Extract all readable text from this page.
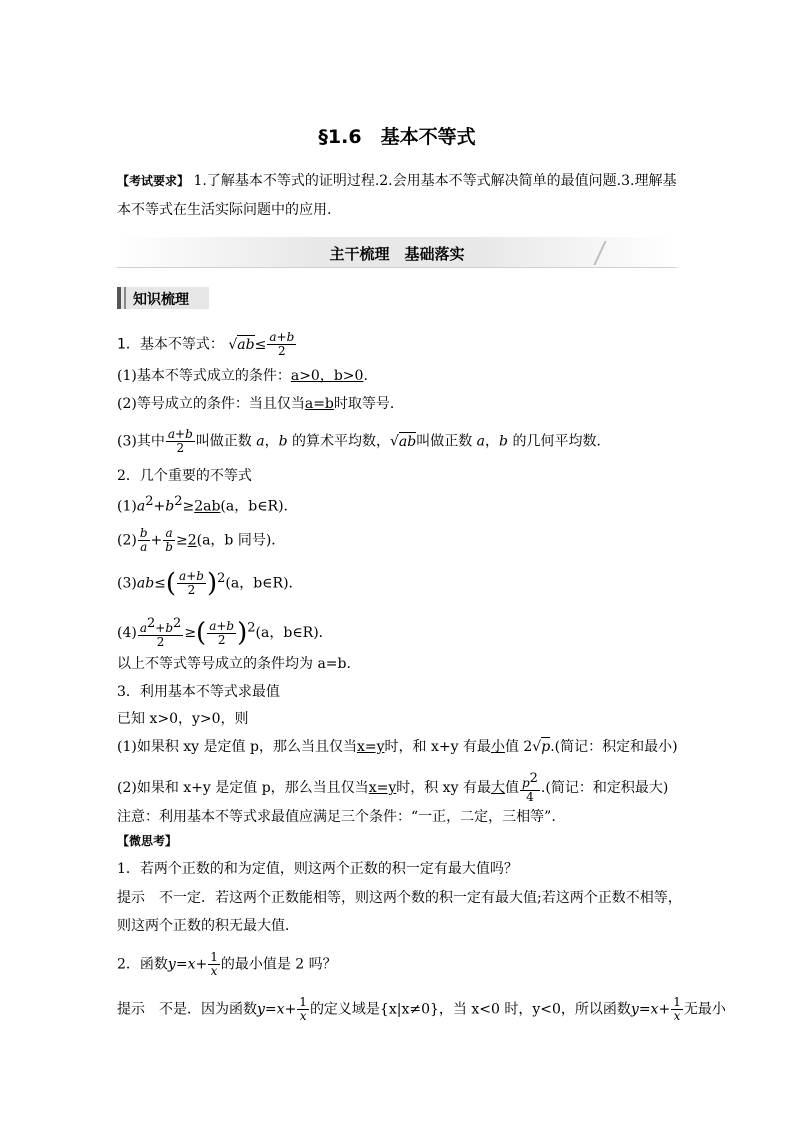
§1.6　基本不等式
【考试要求】 1.了解基本不等式的证明过程.2.会用基本不等式解决简单的最值问题.3.理解基
本不等式在生活实际问题中的应用.
主干梳理　基础落实
知识梳理
1．基本不等式： $√ab\le \frac{a+b}{2}$
(1)基本不等式成立的条件：a>0，b>0.
(2)等号成立的条件：当且仅当a=b时取等号．
(3)其中 $\frac{a+b}{2}$ 叫做正数 a，b 的算术平均数，√ab叫做正数 a，b 的几何平均数．
2．几个重要的不等式
$(1)a^2+b^2\ge 2ab(a$，b∈R)．
$(2) \frac{b}{a} + \frac{a}{b} \ge 2(a$，b 同号)．
$(3)ab\le( \frac{a+b}{2} )^2(a$，b∈R)．
$(4) \frac{a^2+b^2}{2}$ ≥( $\frac{a+b}{2} )^2(a$，b∈R)．
以上不等式等号成立的条件均为 a=b.
3．利用基本不等式求最值
已知 x>0，y>0，则
(1)如果积 xy 是定值 p，那么当且仅当x=y时，和 x+y 有最小值 2√p.(简记：积定和最小)
(2)如果和 x+y 是定值 p，那么当且仅当x=y时，积 xy 有最大值 $\frac{p^2}{4}$ .(简记：和定积最大)
注意：利用基本不等式求最值应满足三个条件：“一正，二定，三相等”.
【微思考】
1．若两个正数的和为定值，则这两个正数的积一定有最大值吗？
提示　不一定．若这两个正数能相等，则这两个数的积一定有最大值;若这两个正数不相等，
则这两个正数的积无最大值．
2．函数$y=x+ \frac{1}{x}$ 的最小值是 2 吗？
提示　不是．因为函数$y=x+ \frac{1}{x}$ 的定义域是{x|x≠0}，当 x<0 时，y<0，所以函数$y=x+ \frac{1}{x}$ 无最小
